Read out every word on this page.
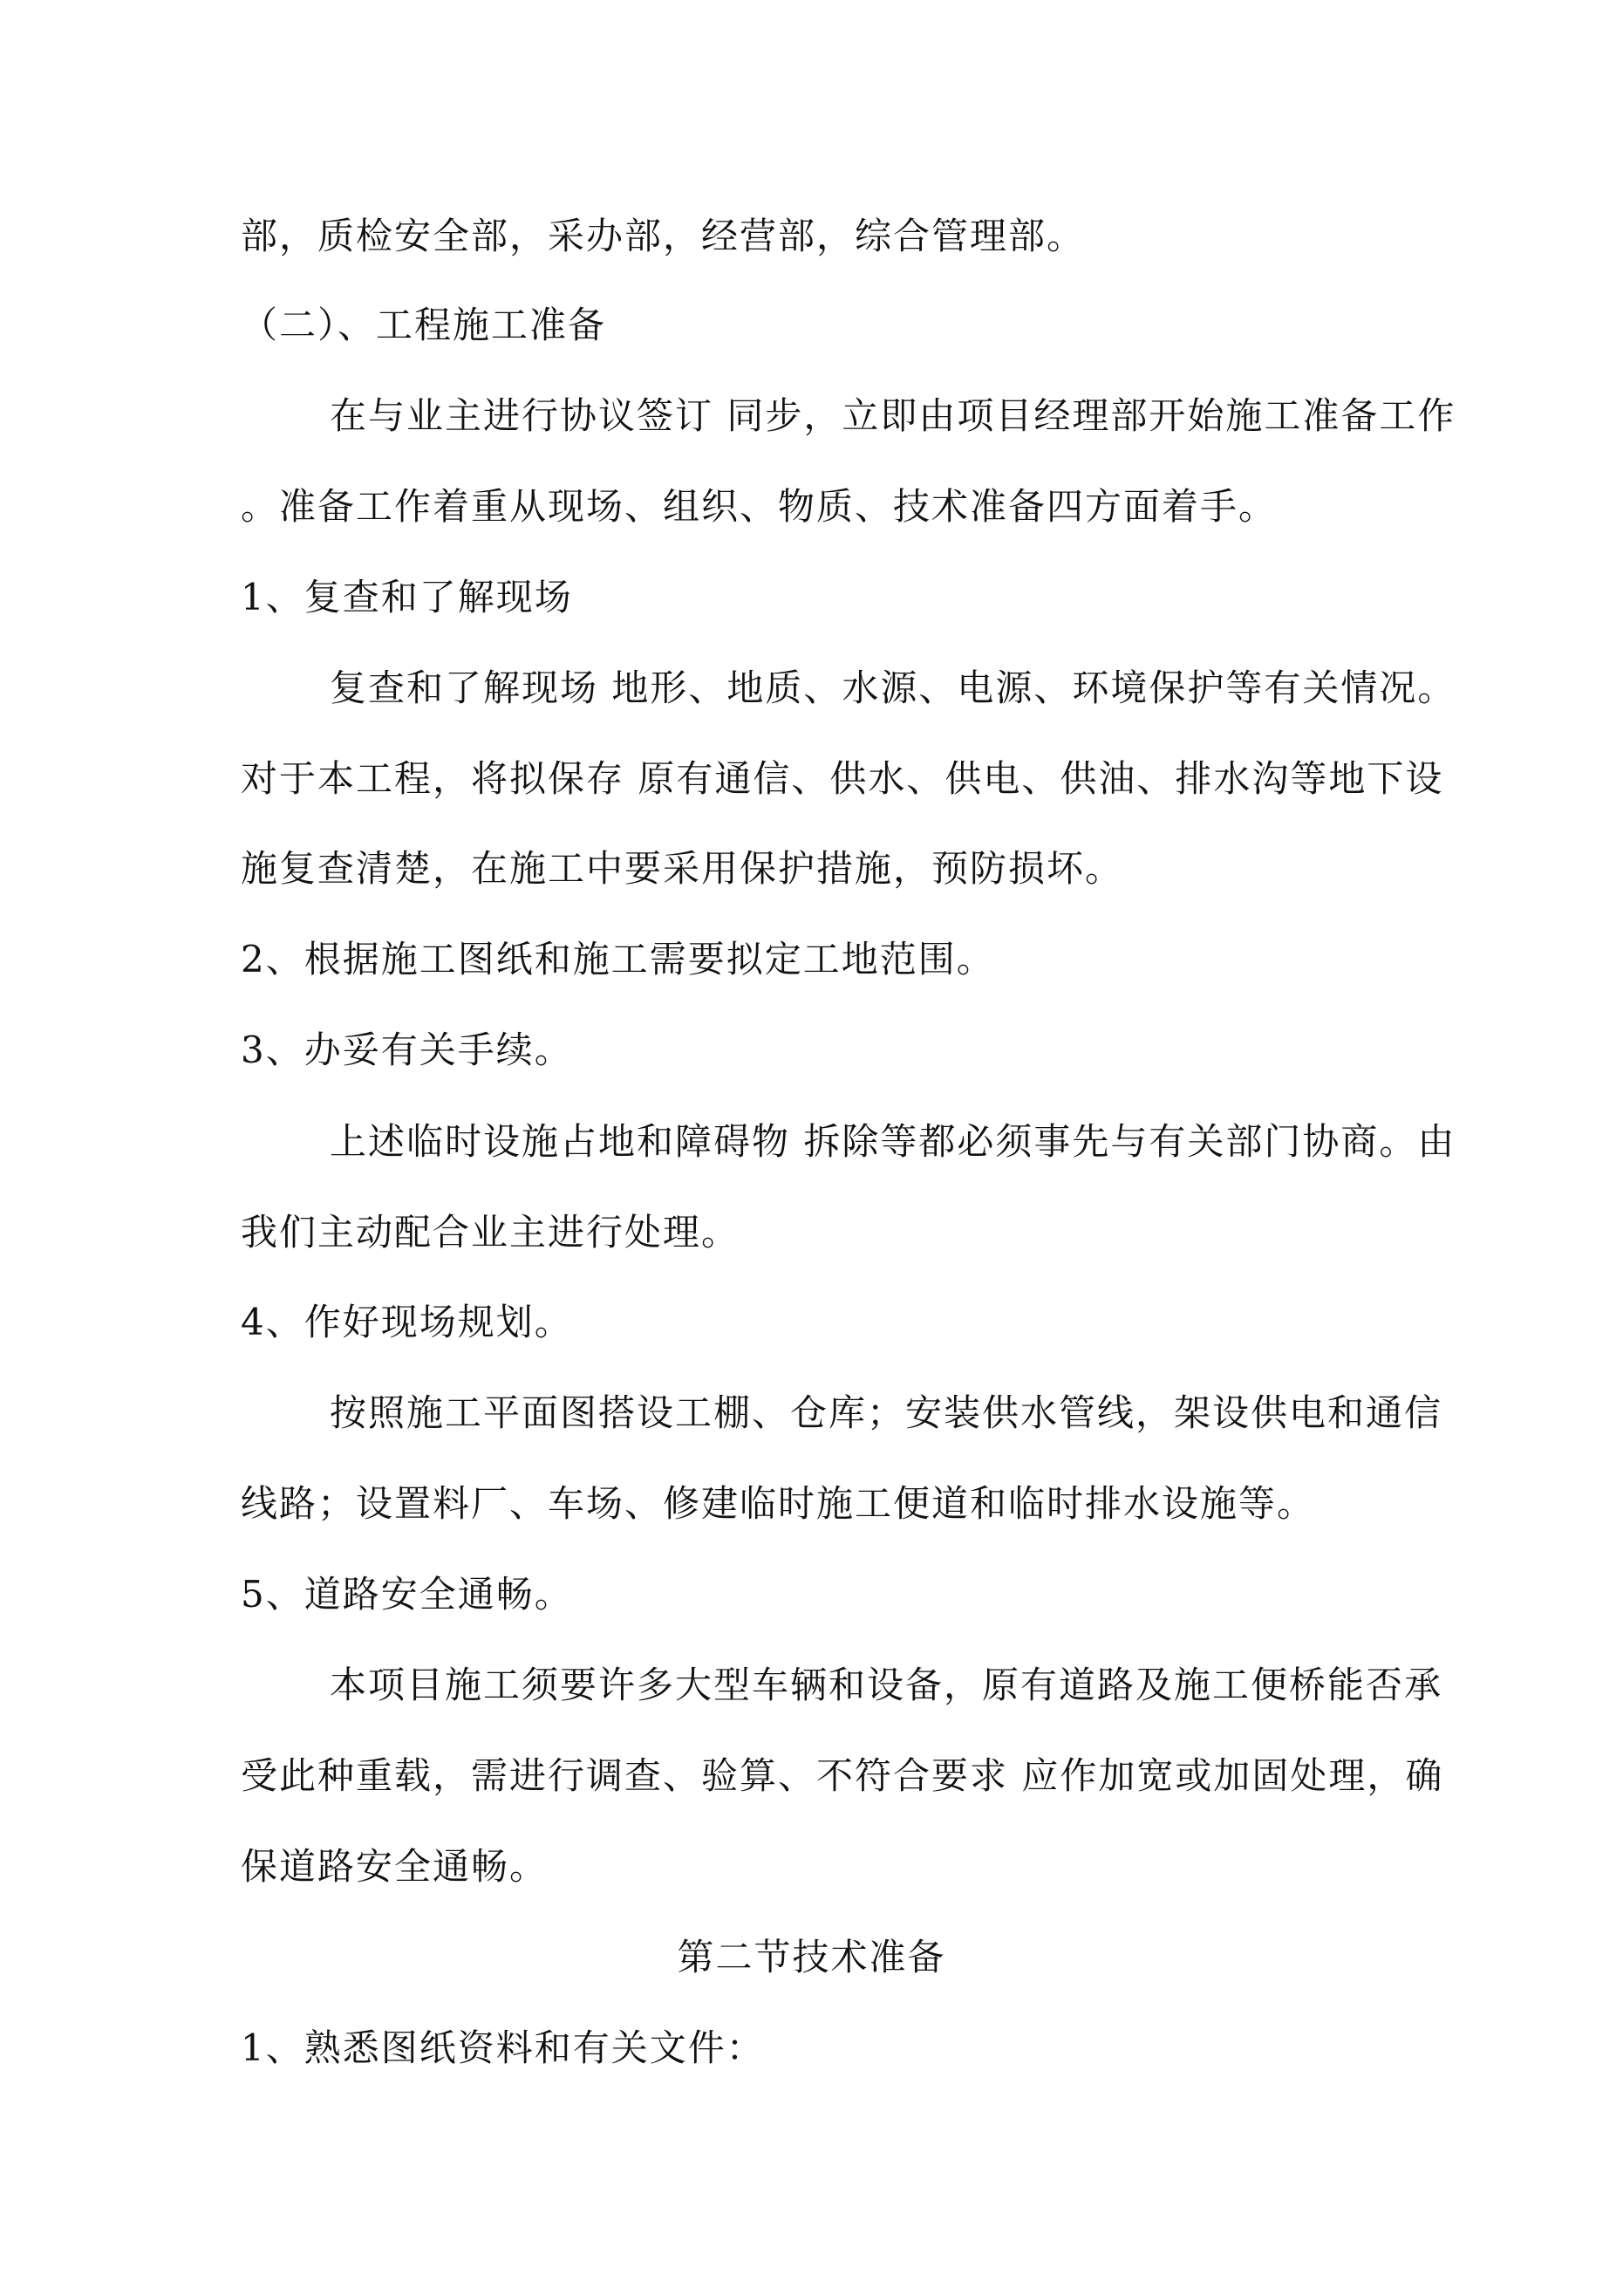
部，质检安全部，采办部，经营部，综合管理部。
（二）、工程施工准备
在与业主进行协议签订 同步，立即由项目经理部开始施工准备工作
。准备工作着重从现场、组织、物质、技术准备四方面着手。
1、复查和了解现场
复查和了解现场 地形、地质、水源、电源、环境保护等有关情况。
对于本工程，将拟保存 原有通信、供水、供电、供油、排水沟等地下设
施复查清楚，在施工中要采用保护措施，预防损坏。
2、根据施工图纸和施工需要拟定工地范围。
3、办妥有关手续。
上述临时设施占地和障碍物 拆除等都必须事先与有关部门协商。由
我们主动配合业主进行处理。
4、作好现场规划。
按照施工平面图搭设工棚、仓库；安装供水管线，架设供电和通信
线路；设置料厂、车场、修建临时施工便道和临时排水设施等。
5、道路安全通畅。
本项目施工须要许多大型车辆和设备，原有道路及施工便桥能否承
受此种重载，需进行调查、验算、不符合要求 应作加宽或加固处理，确
保道路安全通畅。
第二节技术准备
1、熟悉图纸资料和有关文件：
